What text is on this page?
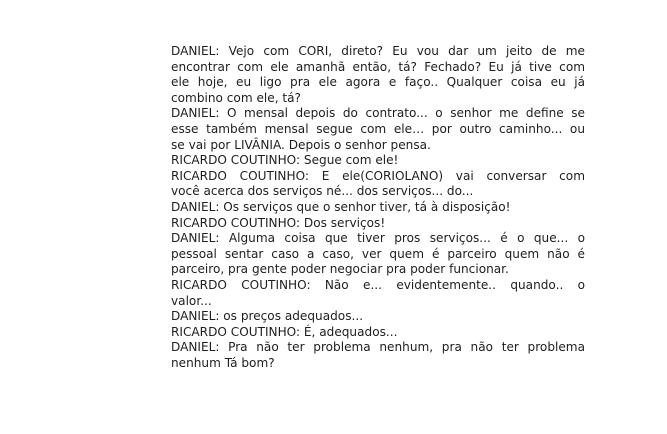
DANIEL: Vejo com CORI, direto? Eu vou dar um jeito de me
encontrar com ele amanhã então, tá? Fechado? Eu já tive com
ele hoje, eu ligo pra ele agora e faço.. Qualquer coisa eu já
combino com ele, tá?
DANIEL: O mensal depois do contrato... o senhor me define se
esse também mensal segue com ele… por outro caminho... ou
se vai por LIVÂNIA. Depois o senhor pensa.
RICARDO COUTINHO: Segue com ele!
RICARDO COUTINHO: E ele(CORIOLANO) vai conversar com
você acerca dos serviços né... dos serviços... do...
DANIEL: Os serviços que o senhor tiver, tá à disposição!
RICARDO COUTINHO: Dos serviços!
DANIEL: Alguma coisa que tiver pros serviços... é o que... o
pessoal sentar caso a caso, ver quem é parceiro quem não é
parceiro, pra gente poder negociar pra poder funcionar.
RICARDO COUTINHO: Não e... evidentemente.. quando.. o
valor...
DANIEL: os preços adequados...
RICARDO COUTINHO: É, adequados...
DANIEL: Pra não ter problema nenhum, pra não ter problema
nenhum Tá bom?
